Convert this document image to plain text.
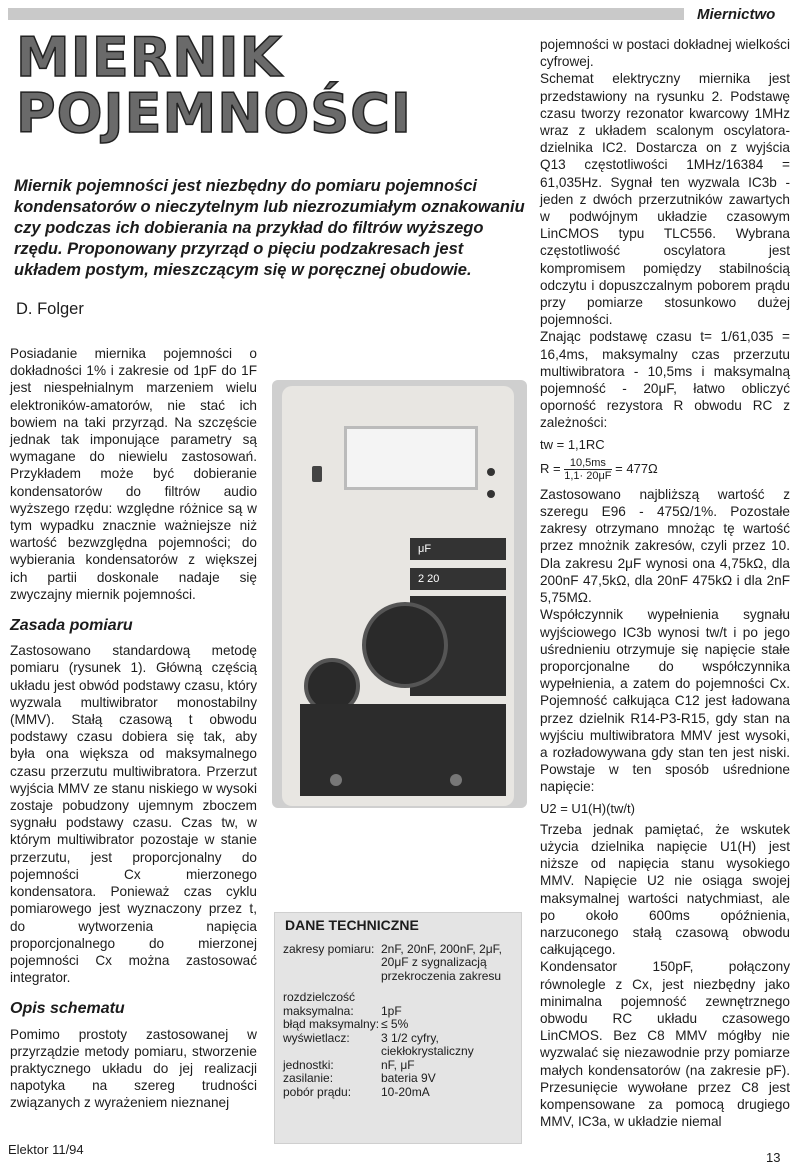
Miernictwo
MIERNIK
POJEMNOŚCI

Miernik pojemności jest niezbędny do pomiaru pojemności kondensatorów o nieczytelnym lub niezrozumiałym oznakowaniu czy podczas ich dobierania na przykład do filtrów wyższego rzędu. Proponowany przyrząd o pięciu podzakresach jest układem postym, mieszczącym się w poręcznej obudowie.

D. Folger

Posiadanie miernika pojemności o dokładności 1% i zakresie od 1pF do 1F jest niespełnialnym marzeniem wielu elektroników-amatorów, nie stać ich bowiem na taki przyrząd. Na szczęście jednak tak imponujące parametry są wymagane do niewielu zastosowań. Przykładem może być dobieranie kondensatorów do filtrów audio wyższego rzędu: względne różnice są w tym wypadku znacznie ważniejsze niż wartość bezwzględna pojemności; do wybierania kondensatorów z większej ich partii doskonale nadaje się zwyczajny miernik pojemności.

Zasada pomiaru

Zastosowano standardową metodę pomiaru (rysunek 1). Główną częścią układu jest obwód podstawy czasu, który wyzwala multiwibrator monostabilny (MMV). Stałą czasową t obwodu podstawy czasu dobiera się tak, aby była ona większa od maksymalnego czasu przerzutu multiwibratora. Przerzut wyjścia MMV ze stanu niskiego w wysoki zostaje pobudzony ujemnym zboczem sygnału podstawy czasu. Czas tw, w którym multiwibrator pozostaje w stanie przerzutu, jest proporcjonalny do pojemności Cx mierzonego kondensatora. Ponieważ czas cyklu pomiarowego jest wyznaczony przez t, do wytworzenia napięcia proporcjonalnego do mierzonej pojemności Cx można zastosować integrator.

Opis schematu

Pomimo prostoty zastosowanej w przyrządzie metody pomiaru, stworzenie praktycznego układu do jej realizacji napotyka na szereg trudności związanych z wyrażeniem nieznanej

μF
2 20
DANE TECHNICZNE
zakresy pomiaru:	2nF, 20nF, 200nF, 2μF, 20μF z sygnalizacją przekroczenia zakresu

rozdzielczość	
maksymalna:	1pF
błąd maksymalny:	≤ 5%
wyświetlacz:	3 1/2 cyfry, ciekłokrystaliczny
jednostki:	nF, μF
zasilanie:	bateria 9V
pobór prądu:	10-20mA

pojemności w postaci dokładnej wielkości cyfrowej.

Schemat elektryczny miernika jest przedstawiony na rysunku 2. Podstawę czasu tworzy rezonator kwarcowy 1MHz wraz z układem scalonym oscylatora-dzielnika IC2. Dostarcza on z wyjścia Q13 częstotliwości 1MHz/16384 = 61,035Hz. Sygnał ten wyzwala IC3b - jeden z dwóch przerzutników zawartych w podwójnym układzie czasowym LinCMOS typu TLC556. Wybrana częstotliwość oscylatora jest kompromisem pomiędzy stabilnością odczytu i dopuszczalnym poborem prądu przy pomiarze stosunkowo dużej pojemności.

Znając podstawę czasu t= 1/61,035 = 16,4ms, maksymalny czas przerzutu multiwibratora - 10,5ms i maksymalną pojemność - 20μF, łatwo obliczyć oporność rezystora R obwodu RC z zależności:

tw = 1,1RC
$R = \frac{10,5ms}{1,1\cdot 20\mu F} = 477\Omega$

Zastosowano najbliższą wartość z szeregu E96 - 475Ω/1%. Pozostałe zakresy otrzymano mnożąc tę wartość przez mnożnik zakresów, czyli przez 10. Dla zakresu 2μF wynosi ona 4,75kΩ, dla 200nF 47,5kΩ, dla 20nF 475kΩ i dla 2nF 5,75MΩ.

Współczynnik wypełnienia sygnału wyjściowego IC3b wynosi tw/t i po jego uśrednieniu otrzymuje się napięcie stałe proporcjonalne do współczynnika wypełnienia, a zatem do pojemności Cx. Pojemność całkująca C12 jest ładowana przez dzielnik R14-P3-R15, gdy stan na wyjściu multiwibratora MMV jest wysoki, a rozładowywana gdy stan ten jest niski. Powstaje w ten sposób uśrednione napięcie:

U2 = U1(H)(tw/t)

Trzeba jednak pamiętać, że wskutek użycia dzielnika napięcie U1(H) jest niższe od napięcia stanu wysokiego MMV. Napięcie U2 nie osiąga swojej maksymalnej wartości natychmiast, ale po około 600ms opóźnienia, narzuconego stałą czasową obwodu całkującego.

Kondensator 150pF, połączony równolegle z Cx, jest niezbędny jako minimalna pojemność zewnętrznego obwodu RC układu czasowego LinCMOS. Bez C8 MMV mógłby nie wyzwalać się niezawodnie przy pomiarze małych kondensatorów (na zakresie pF). Przesunięcie wywołane przez C8 jest kompensowane za pomocą drugiego MMV, IC3a, w układzie niemal

Elektor 11/94
13
